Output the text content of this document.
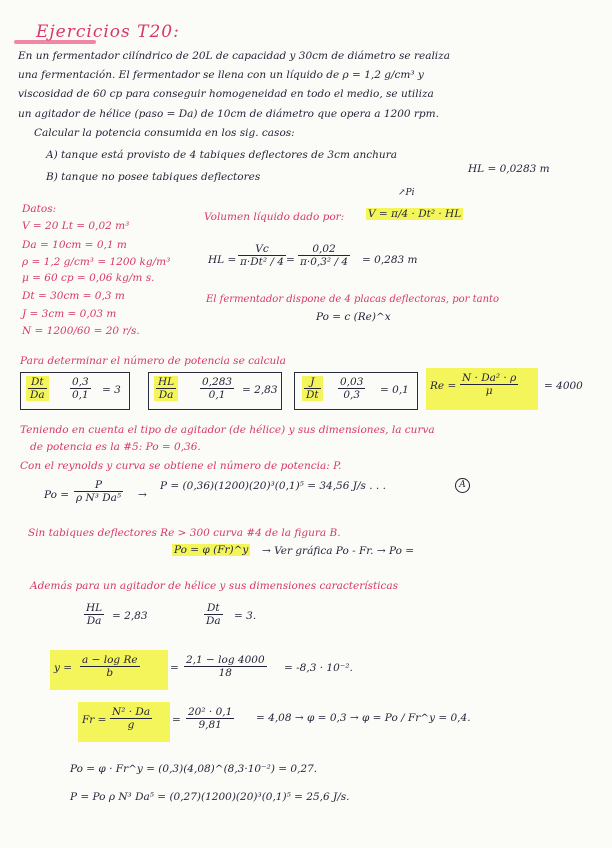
Ejercicios T20:
En un fermentador cilíndrico de 20L de capacidad y 30cm de diámetro se realiza
una fermentación. El fermentador se llena con un líquido de ρ = 1,2 g/cm³ y
viscosidad de 60 cp para conseguir homogeneidad en todo el medio, se utiliza
un agitador de hélice (paso = Da) de 10cm de diámetro que opera a 1200 rpm.
Calcular la potencia consumida en los sig. casos:
A) tanque está provisto de 4 tabiques deflectores de 3cm anchura
B) tanque no posee tabiques deflectores
HL = 0,0283 m
↗Pi
Datos:
V = 20 Lt = 0,02 m³
Da = 10cm = 0,1 m
ρ = 1,2 g/cm³ = 1200 kg/m³
μ = 60 cp = 0,06 kg/m s.
Dt = 30cm = 0,3 m
J = 3cm = 0,03 m
N = 1200/60 = 20 r/s.
Volumen líquido dado por: V = π/4 · Dt² · HL
HL = $\frac{Vc}{\text{π·Dt² / 4}} = \frac{0,02}{\text{π·0,3² / 4}} = 0,283$ m
El fermentador dispone de 4 placas deflectoras, por tanto
Po = c (Re)^x
Para determinar el número de potencia se calcula
$\frac{Dt}{Da} \frac{0,3}{0,1} = 3$	$\frac{HL}{Da} \frac{0,283}{0,1} = 2,83 \frac{J}{Dt} \frac{0,03}{0,3} = 0,1$ $Re = \frac{\text{N · Da² · ρ}}{\mu} = 4000$
Teniendo en cuenta el tipo de agitador (de hélice) y sus dimensiones, la curva
de potencia es la #5: Po = 0,36.
Con el reynolds y curva se obtiene el número de potencia: P.
$Po = \frac{P}{\text{ρ N³ Da⁵}}$ →
P = (0,36)(1200)(20)³(0,1)⁵ = 34,56 J/s . . .	A
Sin tabiques deflectores Re > 300 curva #4 de la figura B.
Po = φ (Fr)^y → Ver gráfica Po - Fr. → Po =
Además para un agitador de hélice y sus dimensiones características
$\frac{HL}{Da} = 2,83$	$\frac{Dt}{Da} = 3$.
$y = \frac{\text{a − log Re}}{b}$	= $\frac{2,1 - \log 4000}{18} = -8,3 \cdot 10^{-2}$.
$Fr = \frac{\text{N² · Da}}{g} = \frac{\text{20² · 0,1}}{9,81} = 4,08 \to \varphi = 0,3 \to \varphi = Po$ / Fr^y = 0,4.
Po = φ · Fr^y = (0,3)(4,08)^(8,3·10⁻²) = 0,27.
P = Po ρ N³ Da⁵ = (0,27)(1200)(20)³(0,1)⁵ = 25,6 J/s.
